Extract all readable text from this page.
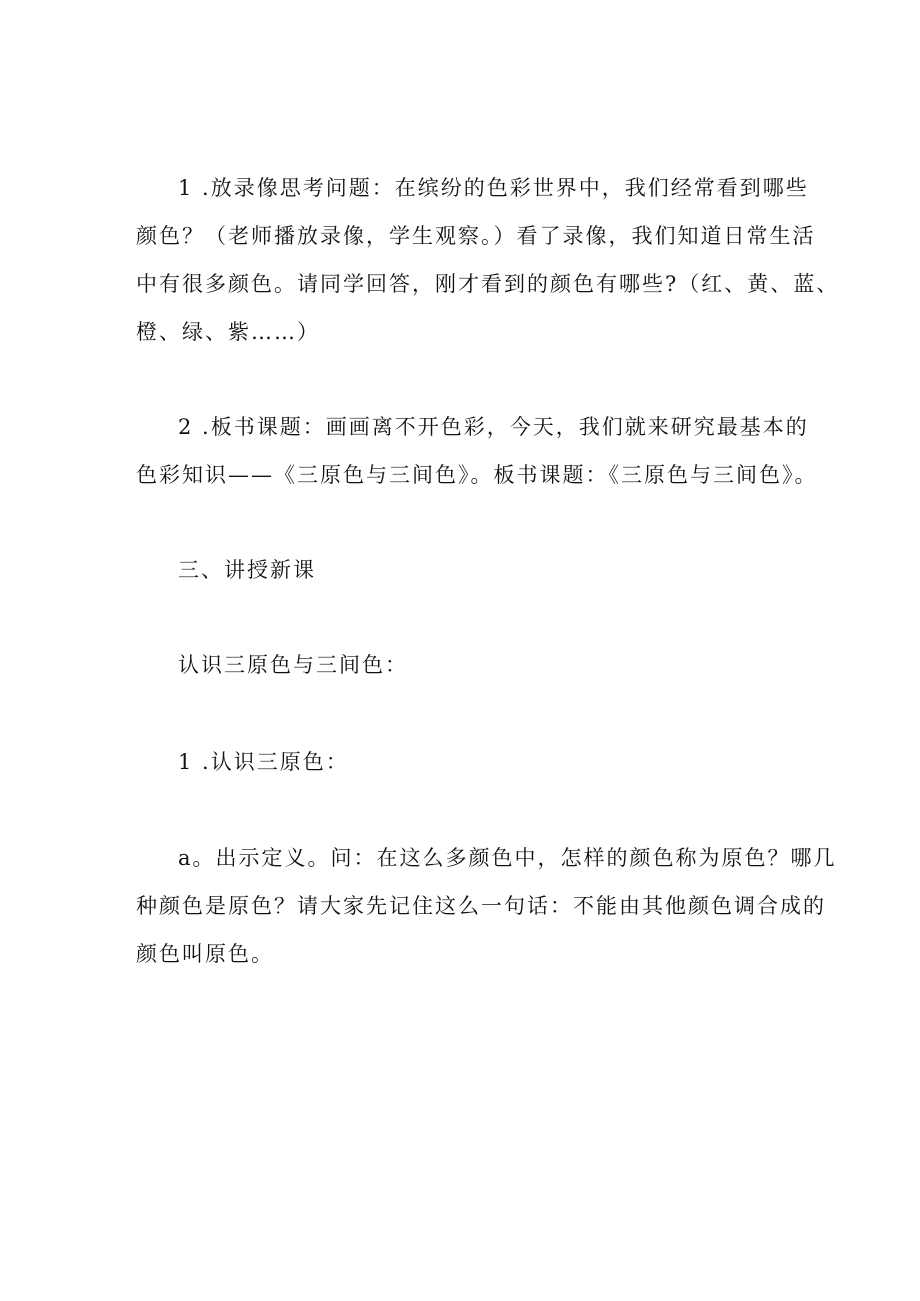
1 .放录像思考问题：在缤纷的色彩世界中，我们经常看到哪些
颜色？（老师播放录像，学生观察。）看了录像，我们知道日常生活
中有很多颜色。请同学回答，刚才看到的颜色有哪些?（红、黄、蓝、
橙、绿、紫……）
2 .板书课题：画画离不开色彩，今天，我们就来研究最基本的
色彩知识——《三原色与三间色》。板书课题：《三原色与三间色》。

三、讲授新课

认识三原色与三间色：

1 .认识三原色：

a。出示定义。问：在这么多颜色中，怎样的颜色称为原色？哪几
种颜色是原色？请大家先记住这么一句话：不能由其他颜色调合成的
颜色叫原色。
